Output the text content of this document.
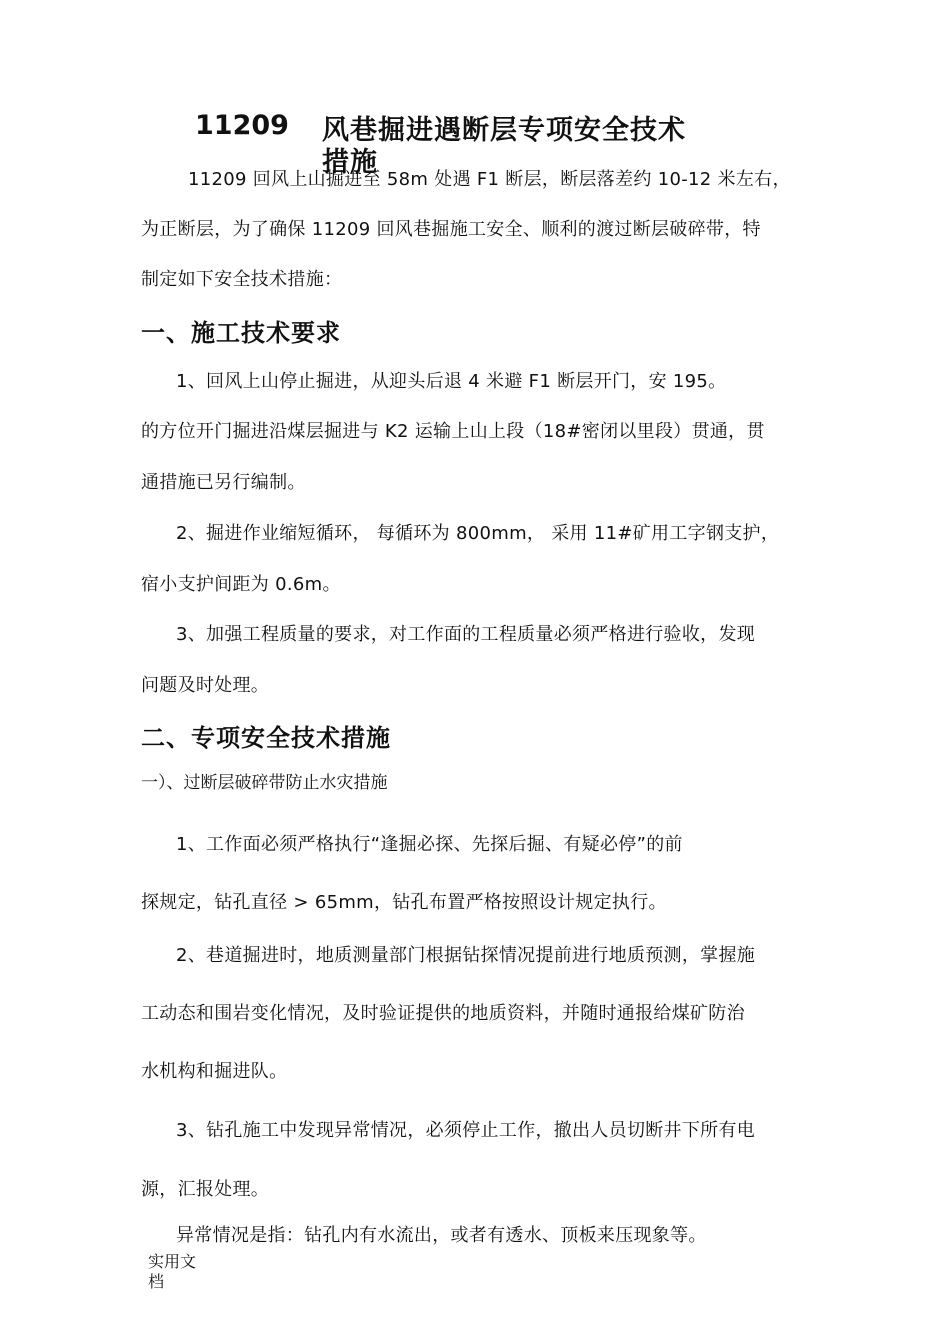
11209 风巷掘进遇断层专项安全技术
措施
11209 回风上山掘进至 58m 处遇 F1 断层，断层落差约 10-12 米左右，
为正断层，为了确保 11209 回风巷掘施工安全、顺利的渡过断层破碎带，特
制定如下安全技术措施：
一、施工技术要求
1、回风上山停止掘进，从迎头后退 4 米避 F1 断层开门，安 195。
的方位开门掘进沿煤层掘进与 K2 运输上山上段（18#密闭以里段）贯通，贯
通措施已另行编制。
2、掘进作业缩短循环， 每循环为 800mm， 采用 11#矿用工字钢支护，
宿小支护间距为 0.6m。
3、加强工程质量的要求，对工作面的工程质量必须严格进行验收，发现
问题及时处理。
二、专项安全技术措施
一）、过断层破碎带防止水灾措施
1、工作面必须严格执行“逢掘必探、先探后掘、有疑必停”的前
探规定，钻孔直径 > 65mm，钻孔布置严格按照设计规定执行。
2、巷道掘进时，地质测量部门根据钻探情况提前进行地质预测，掌握施
工动态和围岩变化情况，及时验证提供的地质资料，并随时通报给煤矿防治
水机构和掘进队。
3、钻孔施工中发现异常情况，必须停止工作，撤出人员切断井下所有电
源，汇报处理。
异常情况是指：钻孔内有水流出，或者有透水、顶板来压现象等。
实用文档
